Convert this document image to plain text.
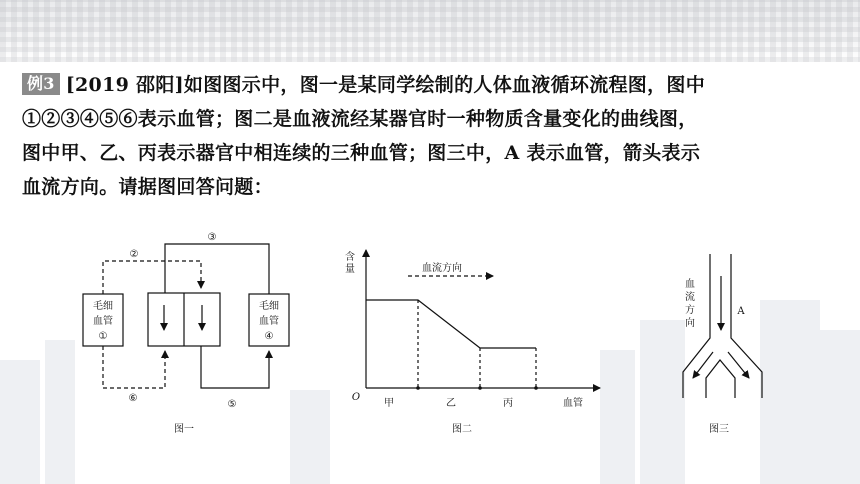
例3 [2019 邵阳]如图图示中，图一是某同学绘制的人体血液循环流程图，图中
①②③④⑤⑥表示血管；图二是血液流经某器官时一种物质含量变化的曲线图，
图中甲、乙、丙表示器官中相连续的三种血管；图三中，A 表示血管，箭头表示
血流方向。请据图回答问题：
毛细
血管
①
毛细
血管
④
②
③
⑤
⑥
图一
含
量	血流方向
O
甲	乙	丙	血管
图二
血
流
方
向
A
图三
